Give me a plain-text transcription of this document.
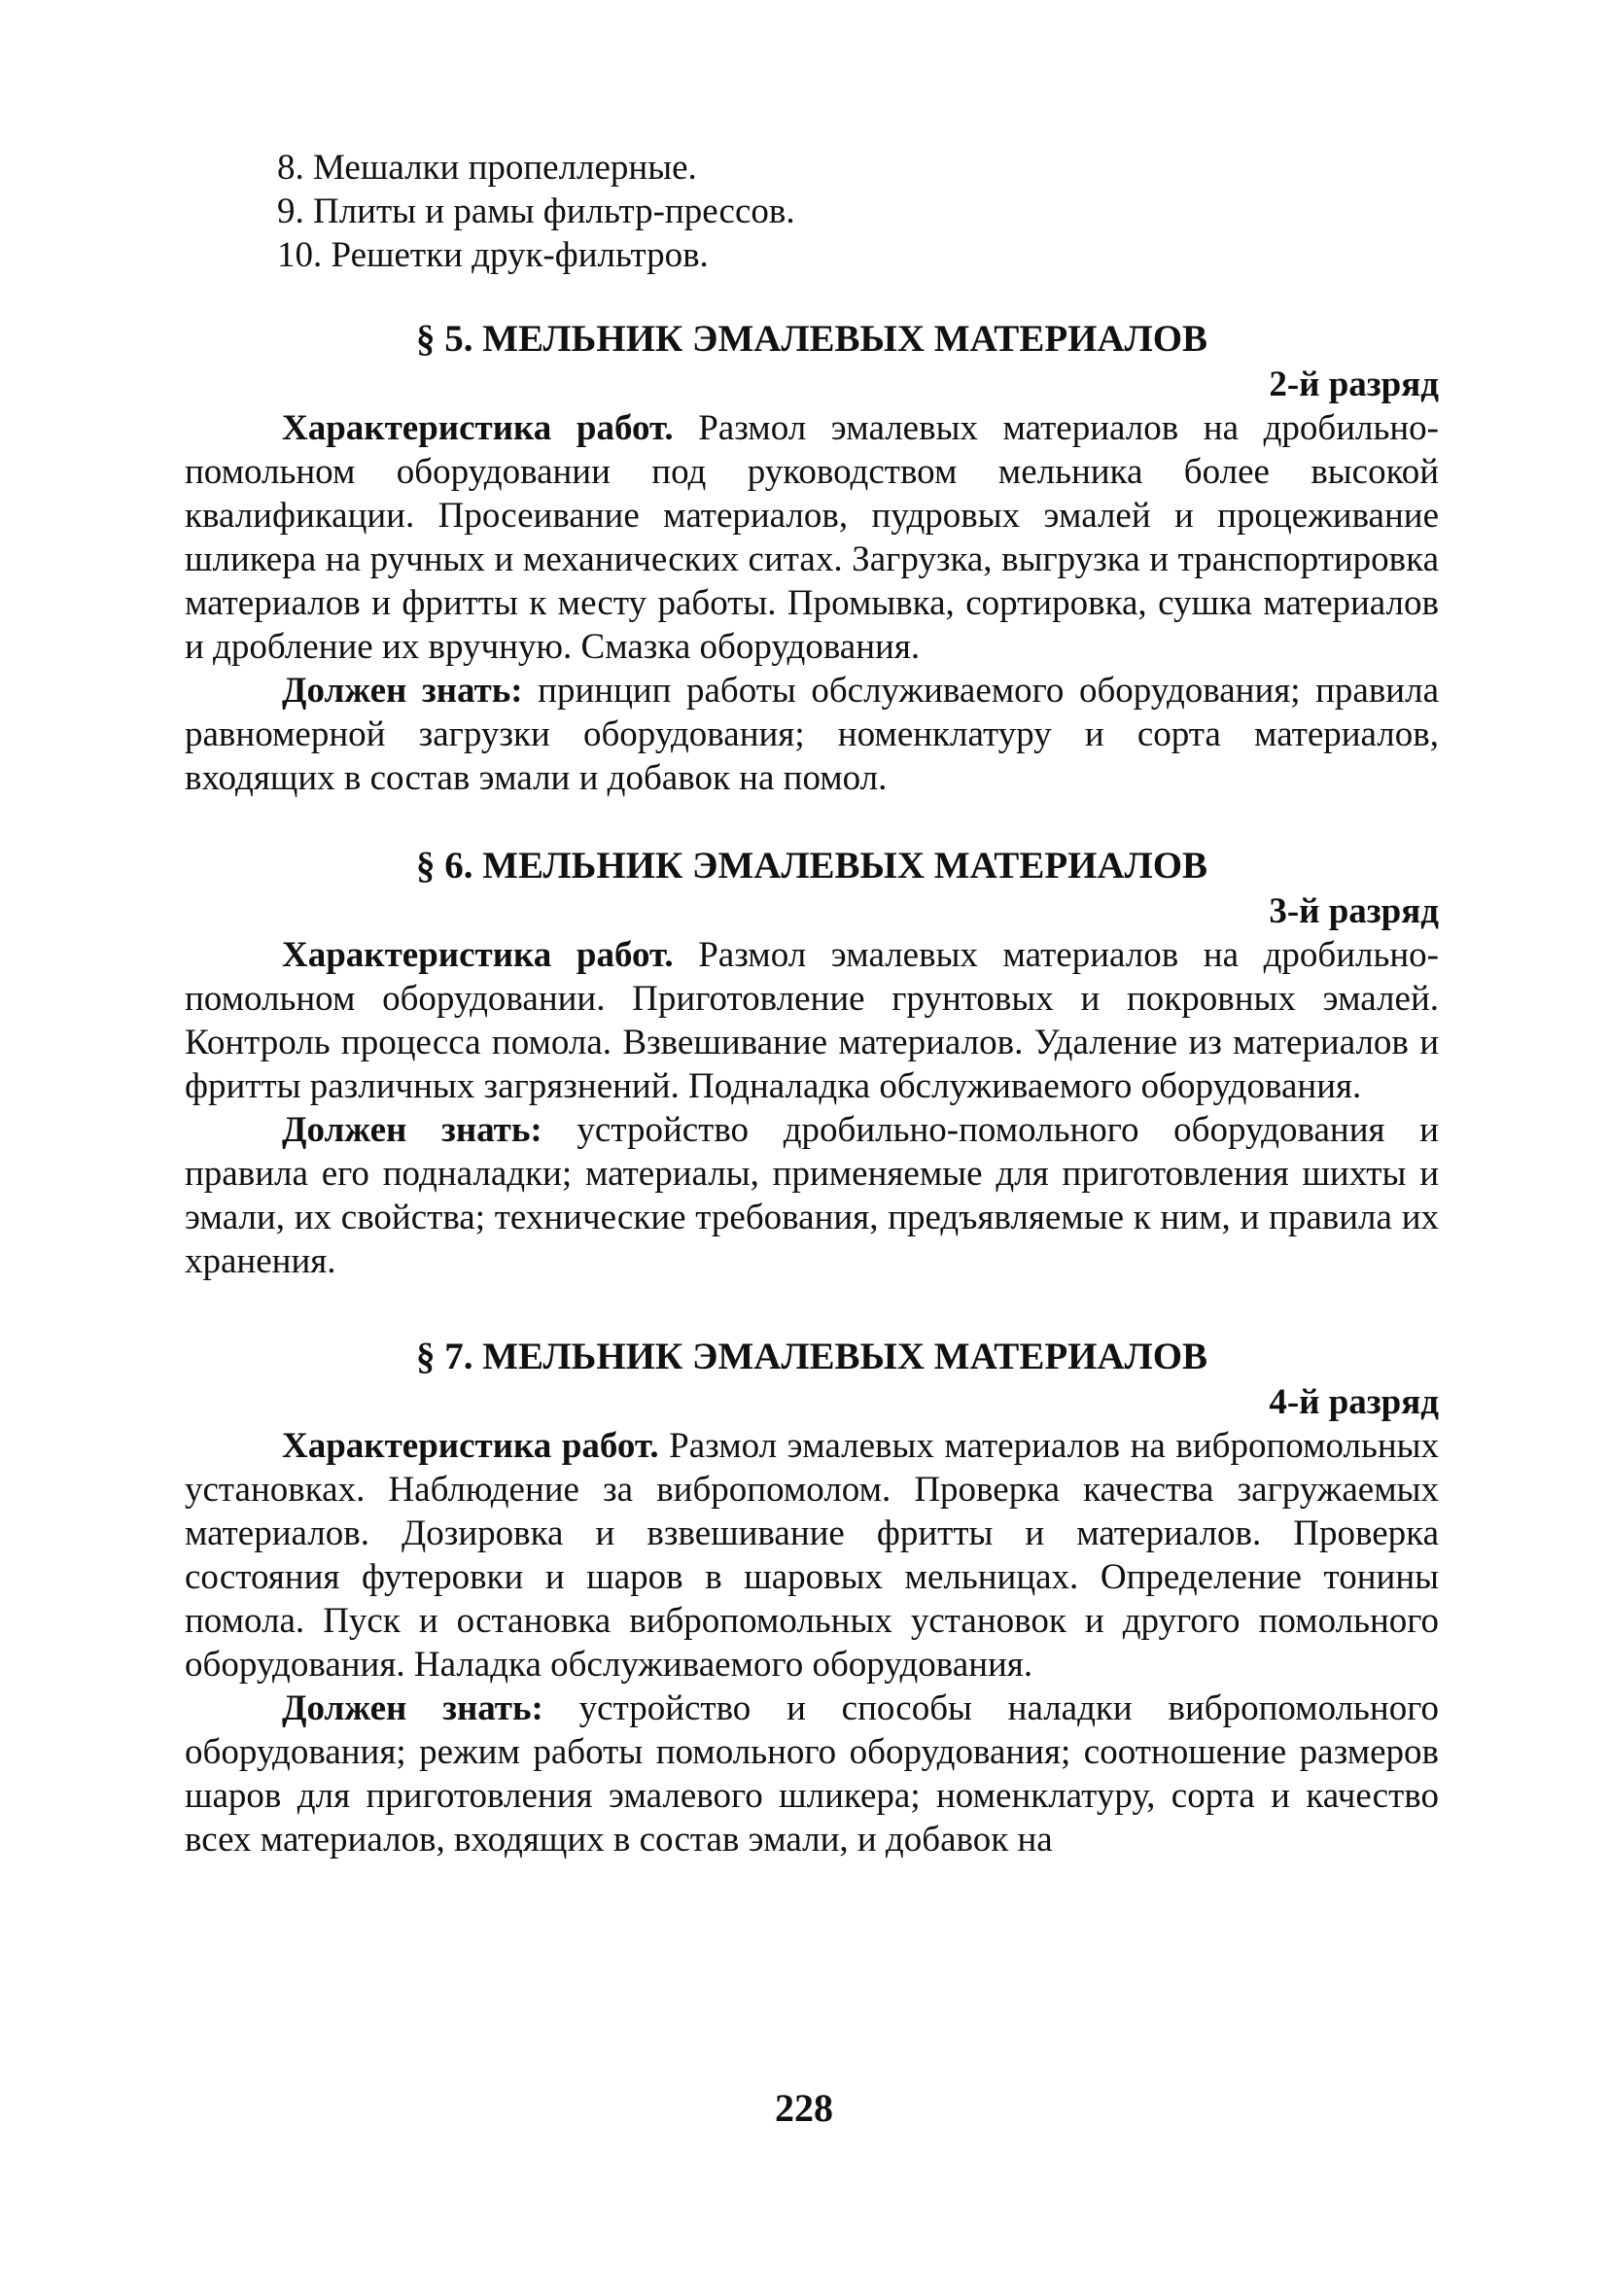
8. Мешалки пропеллерные.
9. Плиты и рамы фильтр-прессов.
10. Решетки друк-фильтров.
§ 5. МЕЛЬНИК ЭМАЛЕВЫХ МАТЕРИАЛОВ

2-й разряд

Характеристика работ. Размол эмалевых материалов на дробильно-помольном оборудовании под руководством мельника более высокой квалификации. Просеивание материалов, пудровых эмалей и процеживание шликера на ручных и механических ситах. Загрузка, выгрузка и транспортировка материалов и фритты к месту работы. Промывка, сортировка, сушка материалов и дробление их вручную. Смазка оборудования.

Должен знать: принцип работы обслуживаемого оборудования; правила равномерной загрузки оборудования; номенклатуру и сорта материалов, входящих в состав эмали и добавок на помол.

§ 6. МЕЛЬНИК ЭМАЛЕВЫХ МАТЕРИАЛОВ

3-й разряд

Характеристика работ. Размол эмалевых материалов на дробильно-помольном оборудовании. Приготовление грунтовых и покровных эмалей. Контроль процесса помола. Взвешивание материалов. Удаление из материалов и фритты различных загрязнений. Подналадка обслуживаемого оборудования.

Должен знать: устройство дробильно-помольного оборудования и правила его подналадки; материалы, применяемые для приготовления шихты и эмали, их свойства; технические требования, предъявляемые к ним, и правила их хранения.

§ 7. МЕЛЬНИК ЭМАЛЕВЫХ МАТЕРИАЛОВ

4-й разряд

Характеристика работ. Размол эмалевых материалов на вибропомольных установках. Наблюдение за вибропомолом. Проверка качества загружаемых материалов. Дозировка и взвешивание фритты и материалов. Проверка состояния футеровки и шаров в шаровых мельницах. Определение тонины помола. Пуск и остановка вибропомольных установок и другого помольного оборудования. Наладка обслуживаемого оборудования.

Должен знать: устройство и способы наладки вибропомольного оборудования; режим работы помольного оборудования; соотношение размеров шаров для приготовления эмалевого шликера; номенклатуру, сорта и качество всех материалов, входящих в состав эмали, и добавок на

228
